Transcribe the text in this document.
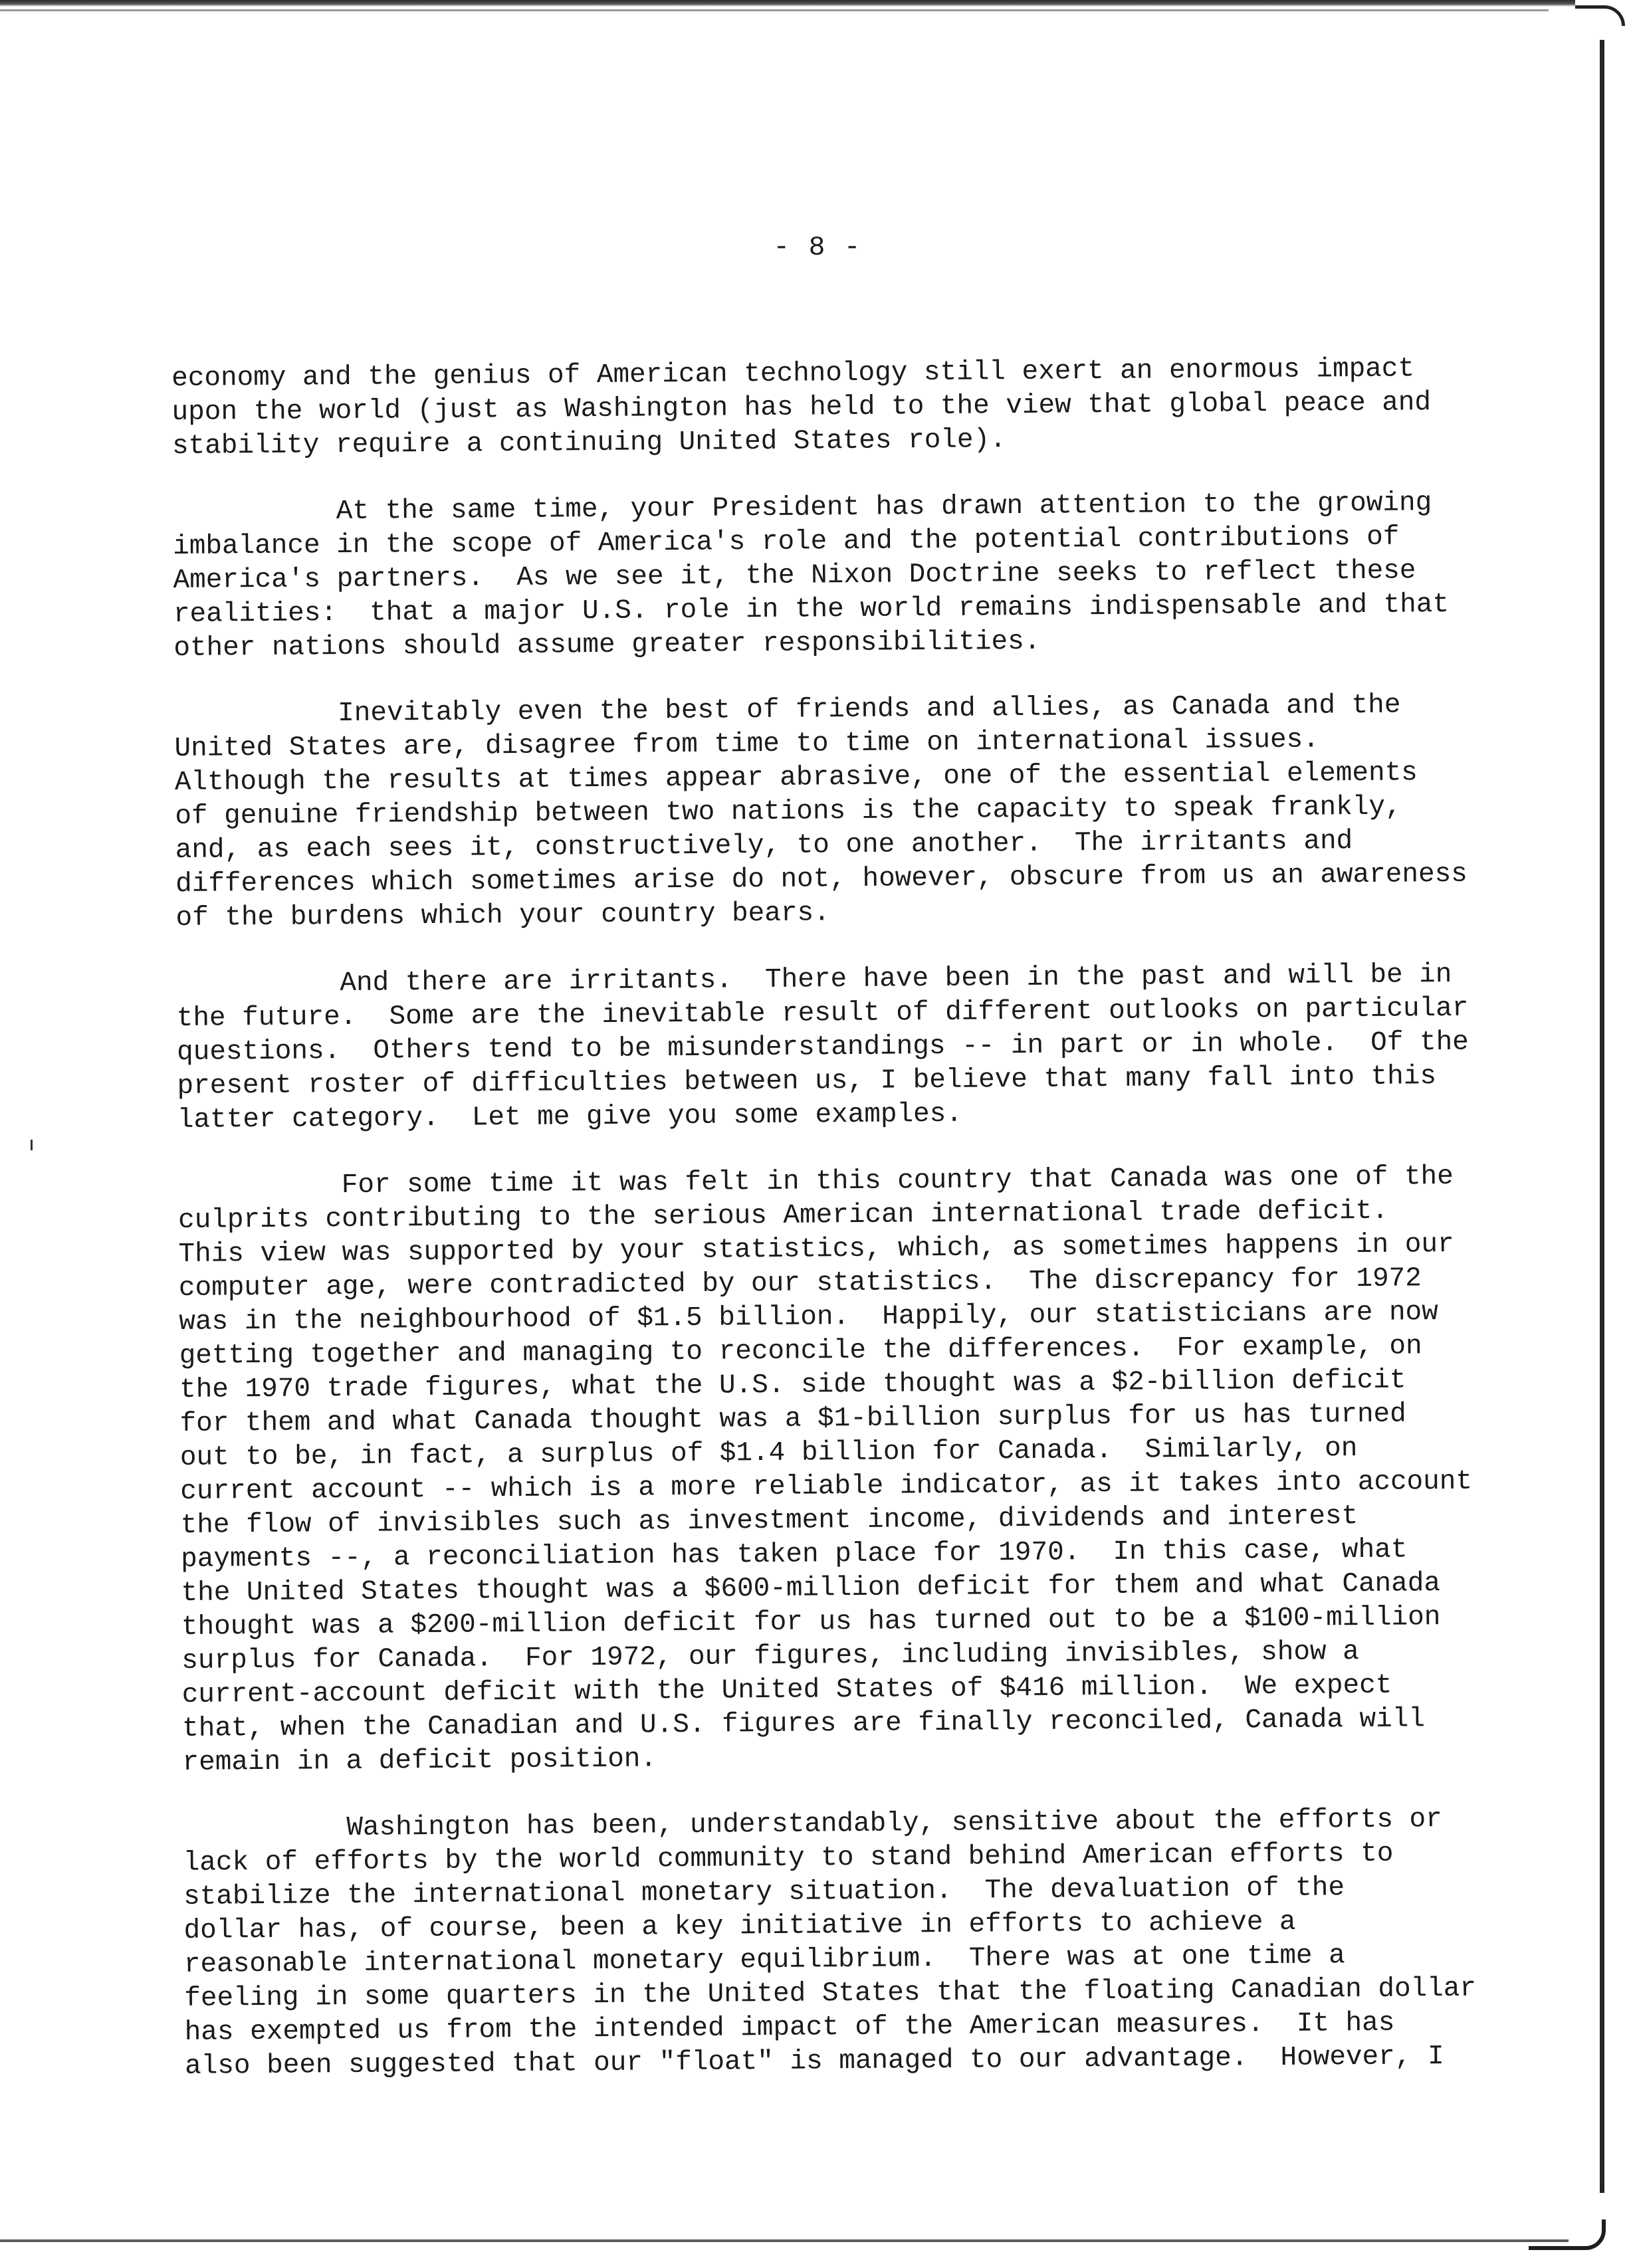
- 8 -

economy and the genius of American technology still exert an enormous impact
upon the world (just as Washington has held to the view that global peace and
stability require a continuing United States role).

At the same time, your President has drawn attention to the growing
imbalance in the scope of America's role and the potential contributions of
America's partners.  As we see it, the Nixon Doctrine seeks to reflect these
realities:  that a major U.S. role in the world remains indispensable and that
other nations should assume greater responsibilities.

Inevitably even the best of friends and allies, as Canada and the
United States are, disagree from time to time on international issues.
Although the results at times appear abrasive, one of the essential elements
of genuine friendship between two nations is the capacity to speak frankly,
and, as each sees it, constructively, to one another.  The irritants and
differences which sometimes arise do not, however, obscure from us an awareness
of the burdens which your country bears.

And there are irritants.  There have been in the past and will be in
the future.  Some are the inevitable result of different outlooks on particular
questions.  Others tend to be misunderstandings -- in part or in whole.  Of the
present roster of difficulties between us, I believe that many fall into this
latter category.  Let me give you some examples.

For some time it was felt in this country that Canada was one of the
culprits contributing to the serious American international trade deficit.
This view was supported by your statistics, which, as sometimes happens in our
computer age, were contradicted by our statistics.  The discrepancy for 1972
was in the neighbourhood of $1.5 billion.  Happily, our statisticians are now
getting together and managing to reconcile the differences.  For example, on
the 1970 trade figures, what the U.S. side thought was a $2-billion deficit
for them and what Canada thought was a $1-billion surplus for us has turned
out to be, in fact, a surplus of $1.4 billion for Canada.  Similarly, on
current account -- which is a more reliable indicator, as it takes into account
the flow of invisibles such as investment income, dividends and interest
payments --, a reconciliation has taken place for 1970.  In this case, what
the United States thought was a $600-million deficit for them and what Canada
thought was a $200-million deficit for us has turned out to be a $100-million
surplus for Canada.  For 1972, our figures, including invisibles, show a
current-account deficit with the United States of $416 million.  We expect
that, when the Canadian and U.S. figures are finally reconciled, Canada will
remain in a deficit position.

Washington has been, understandably, sensitive about the efforts or
lack of efforts by the world community to stand behind American efforts to
stabilize the international monetary situation.  The devaluation of the
dollar has, of course, been a key initiative in efforts to achieve a
reasonable international monetary equilibrium.  There was at one time a
feeling in some quarters in the United States that the floating Canadian dollar
has exempted us from the intended impact of the American measures.  It has
also been suggested that our "float" is managed to our advantage.  However, I
